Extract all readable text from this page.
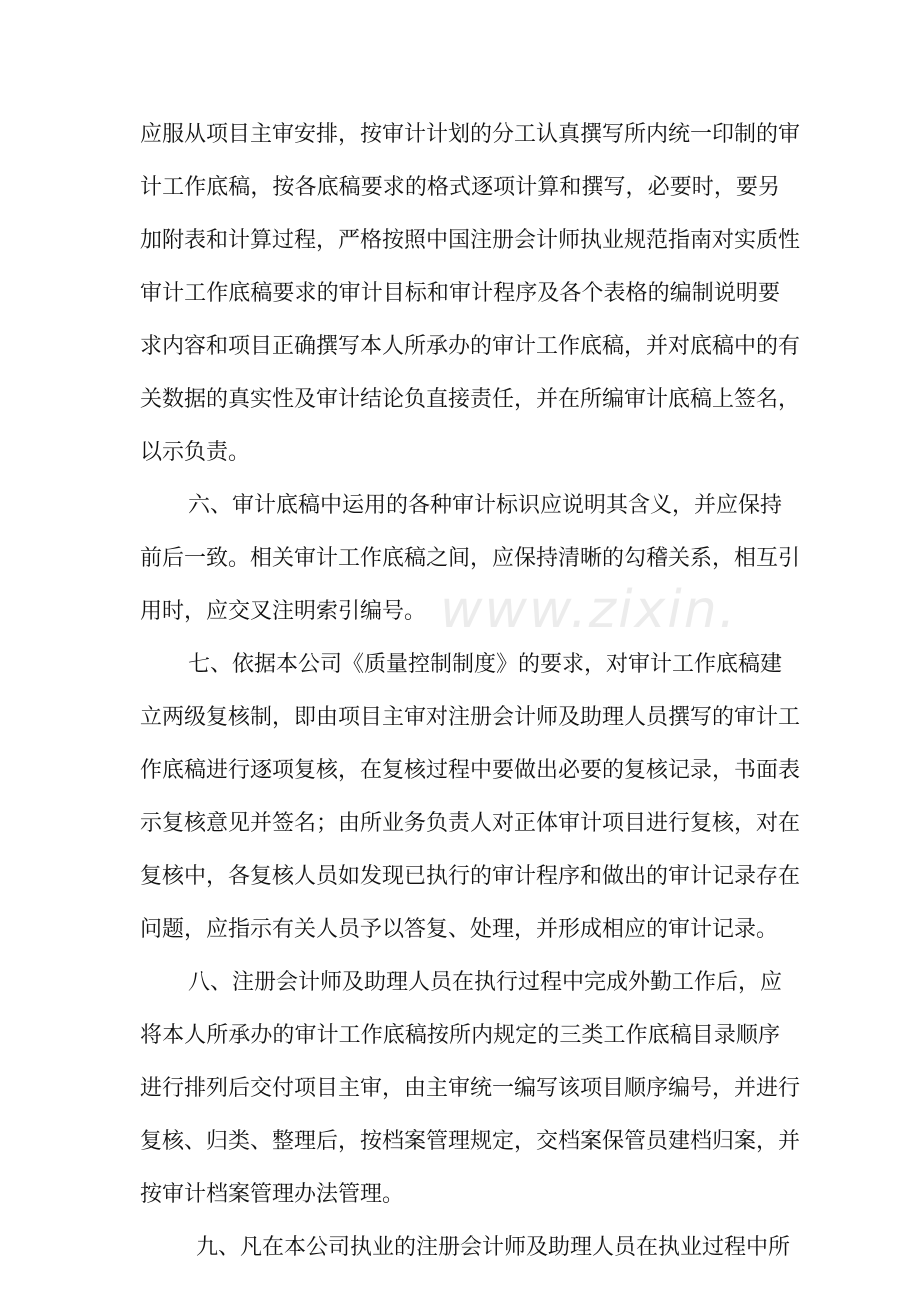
www.zixin.
应服从项目主审安排，按审计计划的分工认真撰写所内统一印制的审
计工作底稿，按各底稿要求的格式逐项计算和撰写，必要时，要另
加附表和计算过程，严格按照中国注册会计师执业规范指南对实质性
审计工作底稿要求的审计目标和审计程序及各个表格的编制说明要
求内容和项目正确撰写本人所承办的审计工作底稿，并对底稿中的有
关数据的真实性及审计结论负直接责任，并在所编审计底稿上签名，
以示负责。
六、审计底稿中运用的各种审计标识应说明其含义，并应保持
前后一致。相关审计工作底稿之间，应保持清晰的勾稽关系，相互引
用时，应交叉注明索引编号。
七、依据本公司《质量控制制度》的要求，对审计工作底稿建
立两级复核制，即由项目主审对注册会计师及助理人员撰写的审计工
作底稿进行逐项复核，在复核过程中要做出必要的复核记录，书面表
示复核意见并签名；由所业务负责人对正体审计项目进行复核，对在
复核中，各复核人员如发现已执行的审计程序和做出的审计记录存在
问题，应指示有关人员予以答复、处理，并形成相应的审计记录。
八、注册会计师及助理人员在执行过程中完成外勤工作后，应
将本人所承办的审计工作底稿按所内规定的三类工作底稿目录顺序
进行排列后交付项目主审，由主审统一编写该项目顺序编号，并进行
复核、归类、整理后，按档案管理规定，交档案保管员建档归案，并
按审计档案管理办法管理。
九、凡在本公司执业的注册会计师及助理人员在执业过程中所
